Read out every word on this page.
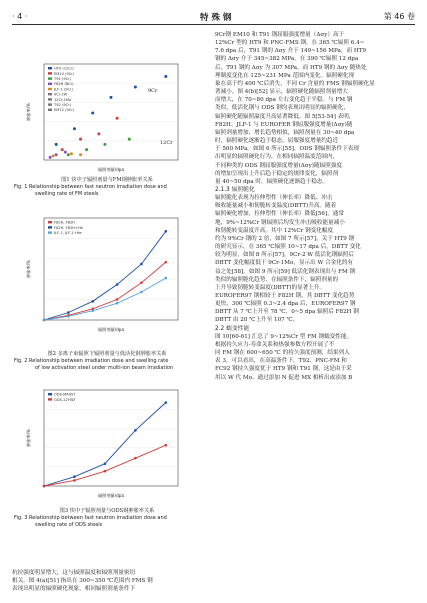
· 4 ·	特 殊 钢	第 46 卷
HT9 (12Cr)
EM10 (9Cr)
T91 (9Cr)
F82H (8Cr)
JLF-1 (9Cr)
9Cr-2W
12Cr-1Mo
T92 (9Cr)
EM12 (9Cr)
9Cr
12Cr
辐照剂量/dpa
肿胀率/%
图1 快中子辐照剂量与FM钢肿胀率关系
Fig. 1 Relationship between fast neutron irradiation dose and
swelling rate of FM steels
F82H, F82H
F82H, F82H+He
JLF-1, JLF-1+He
辐照剂量/dpa
肿胀率/%
图2 多离子束辐照下辐照剂量与低活化钢肿胀率关系
Fig. 2 Relationship between irradiation dose and swelling rate
of low activation steel under multi-ion beam irradiation
ODS-MA957
ODS-12YWT
辐照剂量/dpa
肿胀率/%
图3 快中子辐照剂量与ODS钢肿胀率关系
Fig. 3 Relationship between fast neutron irradiation dose and
swelling rate of ODS steels

抗拉强度明显增大，这与辐照温度和辐照剂量密切

相关。图 4(a)[51] 指出在 300~350 ℃范围内 FMS 钢

表现出明显的辐照硬化现象，相同辐照剂量条件下

9Cr钢 EM10 和 T91 钢屈服强度增量（Δσy）高于

12%Cr 型的 HT9 和 PNC-FMS 钢。在 365 ℃辐照 6.4~

7.6 dpa 后，T91 钢的 Δσy 介于 149~156 MPa，而 HT9

钢的 Δσy 介于 345~382 MPa。在 390 ℃辐照 12 dpa

后，T91 钢的 Δσy 为 307 MPa，而 HT9 钢的 Δσy 随热处

理制度变化在 125~231 MPa 范围内变化。辐照硬化现

象在高于约 400 ℃后消失，不同 Cr 含量的 FMS 钢辐照硬化显

著减小。图 4(b)[52] 显示，辐照硬化随辐照剂量增大

而增大，在 70~80 dpa 左右变化趋于平稳。与 FM 钢

类似，低活化钢与 ODS 钢均表现出明显的辐照硬化，

辐照硬化随辐照温度升高显著降低。图 5[53-54] 表明，

F82H、JLF-1 与 EUROFER 钢屈服强度增量(Δσy)随

辐照剂量增加，增长趋势相似，辐照剂量在 30~40 dpa

时，辐照硬化逐渐趋于稳态，屈服强度增量约趋近

于 500 MPa。如图 6 所示[55]，ODS 钢辐照条件下表现

出明显的辐照硬化行为，在相同辐照温度范围内，

不同种类的 ODS 钢屈服强度增量(Δσy)随辐照强度

的增加呈现出上升后趋于稳定的规律变化，辐照剂

量 40~50 dpa 时，辐照硬化逐渐趋于稳态。

2.1.3 辐照脆化

辐照脆化表现为拉伸塑性（伸长率）降低、冲击

吸收能量减小和韧脆转变温度(DBTT)升高。随着

辐照硬化增加，拉伸塑性（伸长率）降低[56]，通常

地，9%~12%Cr 钢辐照后均发生冲击吸收能量减小

和韧脆转变温度升高。其中 12%Cr 钢变化幅度

约为 9%Cr 钢的 2 倍，如图 7 所示[57]。关于 HT9 钢

的研究显示，在 365 ℃辐照 10~17 dpa 后，DBTT 变化

较为明显，如图 8 所示[57]。9Cr-2 W 低活化钢辐照后

DBTT 变化幅度低于 9Cr-1Mo，显示出 W 合金化的有

益之处[58]。如图 9 所示[59] 低活化钢表现出与 FM 钢

类似的辐照脆化趋势，在辐照条件下，辐照剂量的

上升导致韧脆转变温度(DBTT)的显著上升。

EUROFER97 钢相较于 F82H 钢，其 DBTT 变化趋势

更快，300 ℃辐照 0.3~2.4 dpa 后，EUROFER97 钢

DBTT 从 7 ℃上升至 78 ℃，0~5 dpa 辐照后 F82H 钢

DBTT 由 20 ℃上升至 107 ℃。

2.2 蠕变性能

图 10[60-61] 汇总了 9~12%Cr 型 FM 钢蠕变性能。

根据持久应力-寿命关系和热强参数方程开展了不

同 FM 钢在 600~650 ℃ 的持久强度预测，结果列入

表 3。可以看出，在高温条件下，T92、PNC-FM 和

FC92 钢持久强度优于 HT9 钢和 T91 钢，这是由于采

用以 W 代 Mo、通过添加 N 促进 MX 相析出或添加 B
